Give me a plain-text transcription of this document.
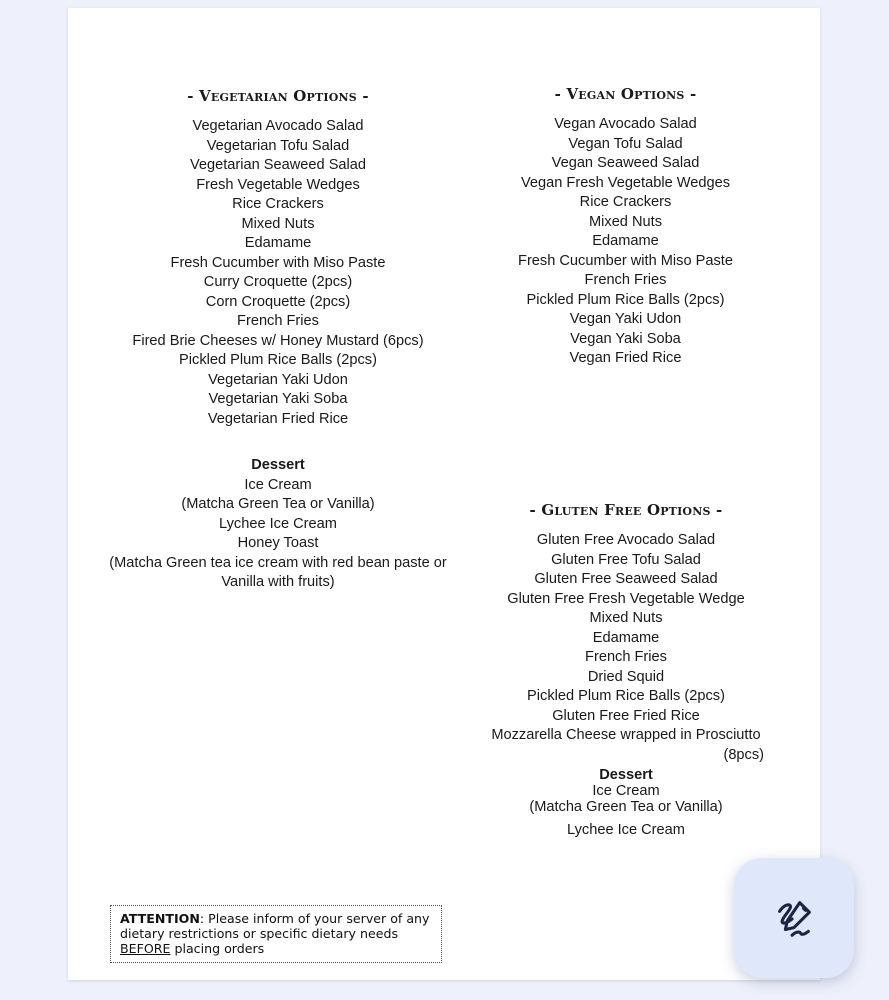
- Vegetarian Options -
Vegetarian Avocado Salad
Vegetarian Tofu Salad
Vegetarian Seaweed Salad
Fresh Vegetable Wedges
Rice Crackers
Mixed Nuts
Edamame
Fresh Cucumber with Miso Paste
Curry Croquette (2pcs)
Corn Croquette (2pcs)
French Fries
Fired Brie Cheeses w/ Honey Mustard (6pcs)
Pickled Plum Rice Balls (2pcs)
Vegetarian Yaki Udon
Vegetarian Yaki Soba
Vegetarian Fried Rice
Dessert
Ice Cream
(Matcha Green Tea or Vanilla)
Lychee Ice Cream
Honey Toast
(Matcha Green tea ice cream with red bean paste or Vanilla with fruits)
- Vegan Options -
Vegan Avocado Salad
Vegan Tofu Salad
Vegan Seaweed Salad
Vegan Fresh Vegetable Wedges
Rice Crackers
Mixed Nuts
Edamame
Fresh Cucumber with Miso Paste
French Fries
Pickled Plum Rice Balls (2pcs)
Vegan Yaki Udon
Vegan Yaki Soba
Vegan Fried Rice
- Gluten Free Options -
Gluten Free Avocado Salad
Gluten Free Tofu Salad
Gluten Free Seaweed Salad
Gluten Free Fresh Vegetable Wedge
Mixed Nuts
Edamame
French Fries
Dried Squid
Pickled Plum Rice Balls (2pcs)
Gluten Free Fried Rice
Mozzarella Cheese wrapped in Prosciutto
(8pcs)
Dessert
Ice Cream
(Matcha Green Tea or Vanilla)
Lychee Ice Cream
ATTENTION: Please inform of your server of any dietary restrictions or specific dietary needs BEFORE placing orders
